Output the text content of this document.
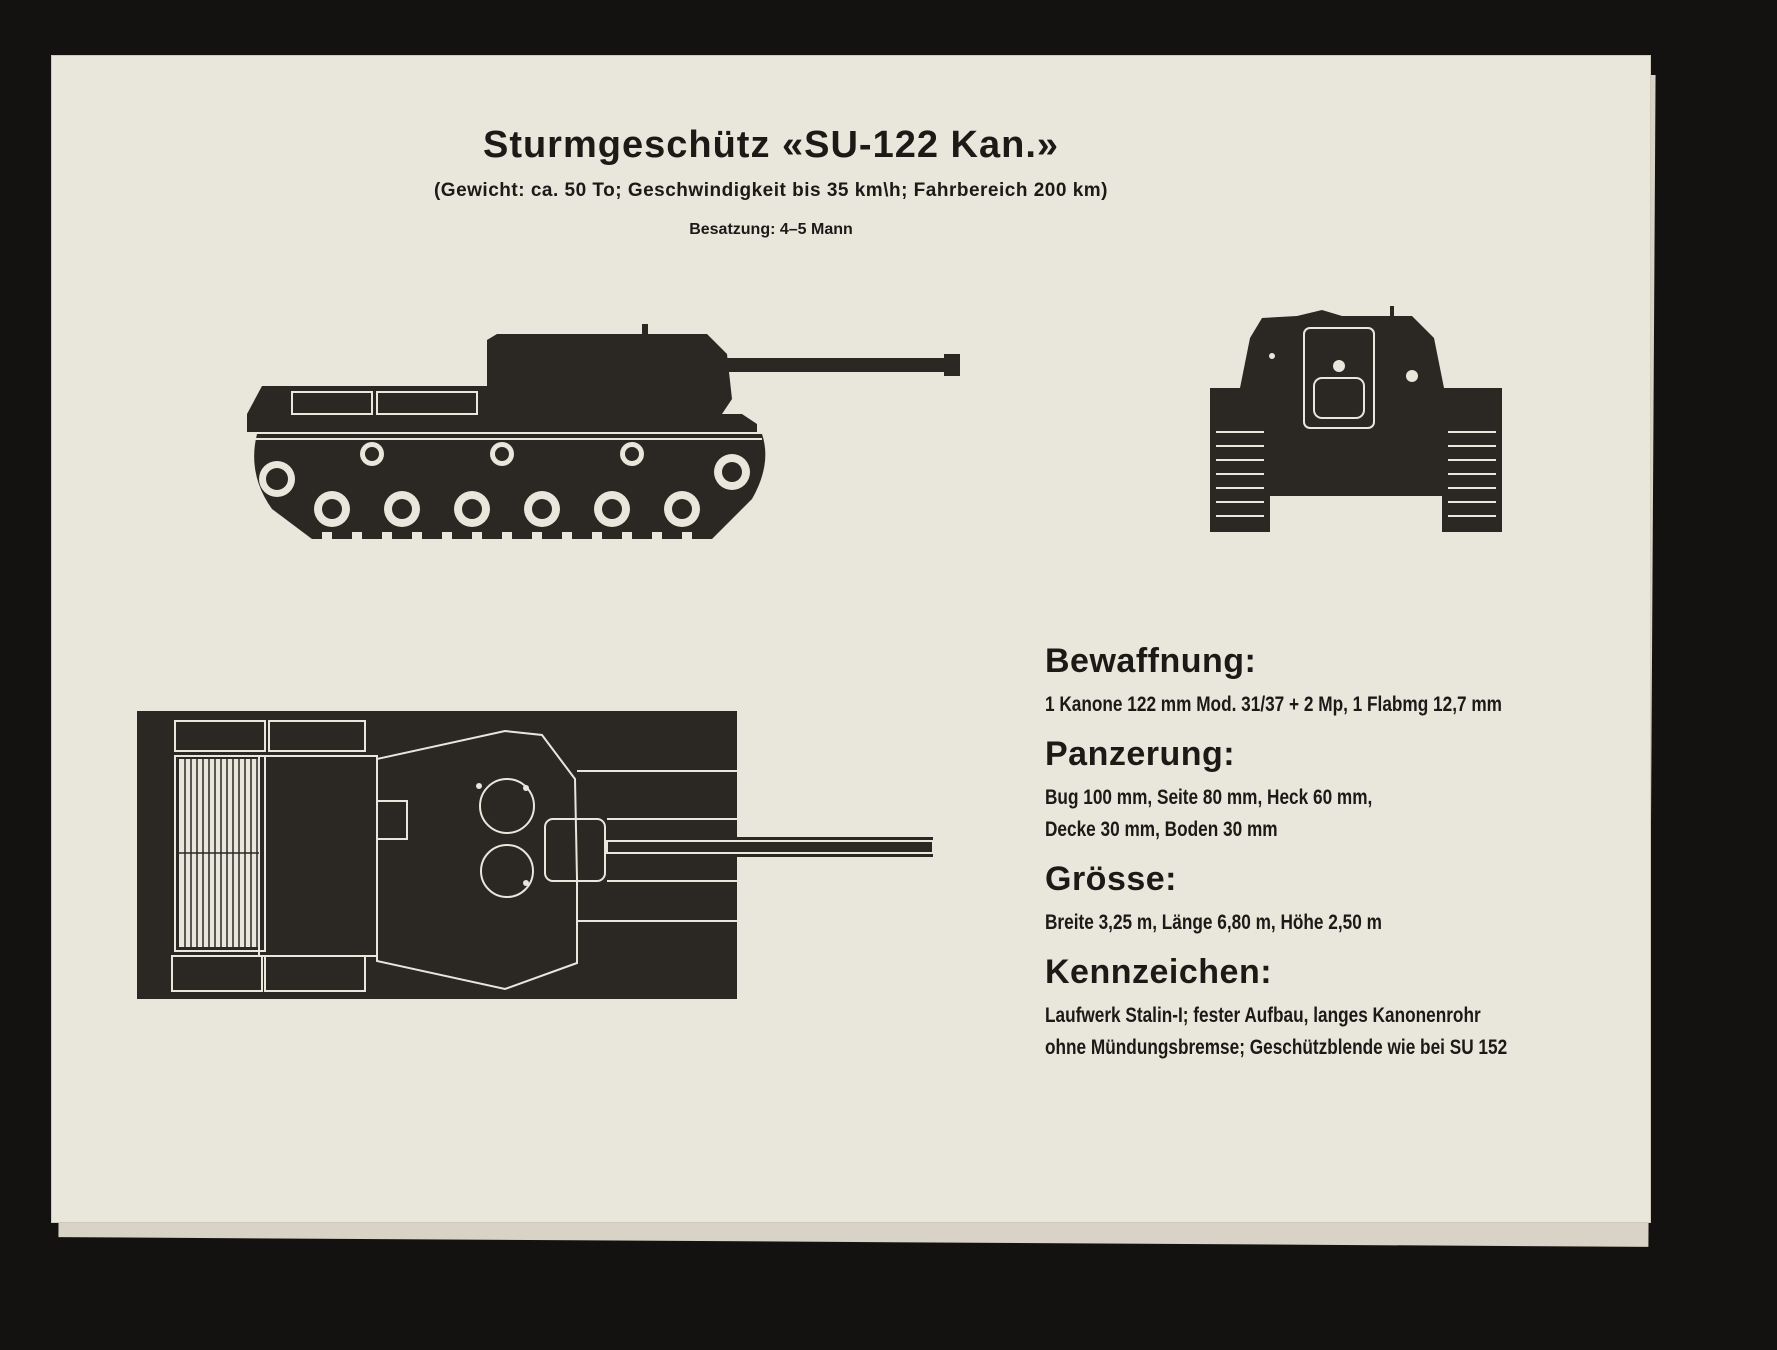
Sturmgeschütz «SU-122 Kan.»
(Gewicht: ca. 50 To; Geschwindigkeit bis 35 km\h; Fahrbereich 200 km)
Besatzung: 4–5 Mann
Bewaffnung:
1 Kanone 122 mm Mod. 31/37 + 2 Mp, 1 Flabmg 12,7 mm
Panzerung:
Bug 100 mm, Seite 80 mm, Heck 60 mm,
Decke 30 mm, Boden 30 mm
Grösse:
Breite 3,25 m, Länge 6,80 m, Höhe 2,50 m
Kennzeichen:
Laufwerk Stalin-I; fester Aufbau, langes Kanonenrohr
ohne Mündungsbremse; Geschützblende wie bei SU 152
